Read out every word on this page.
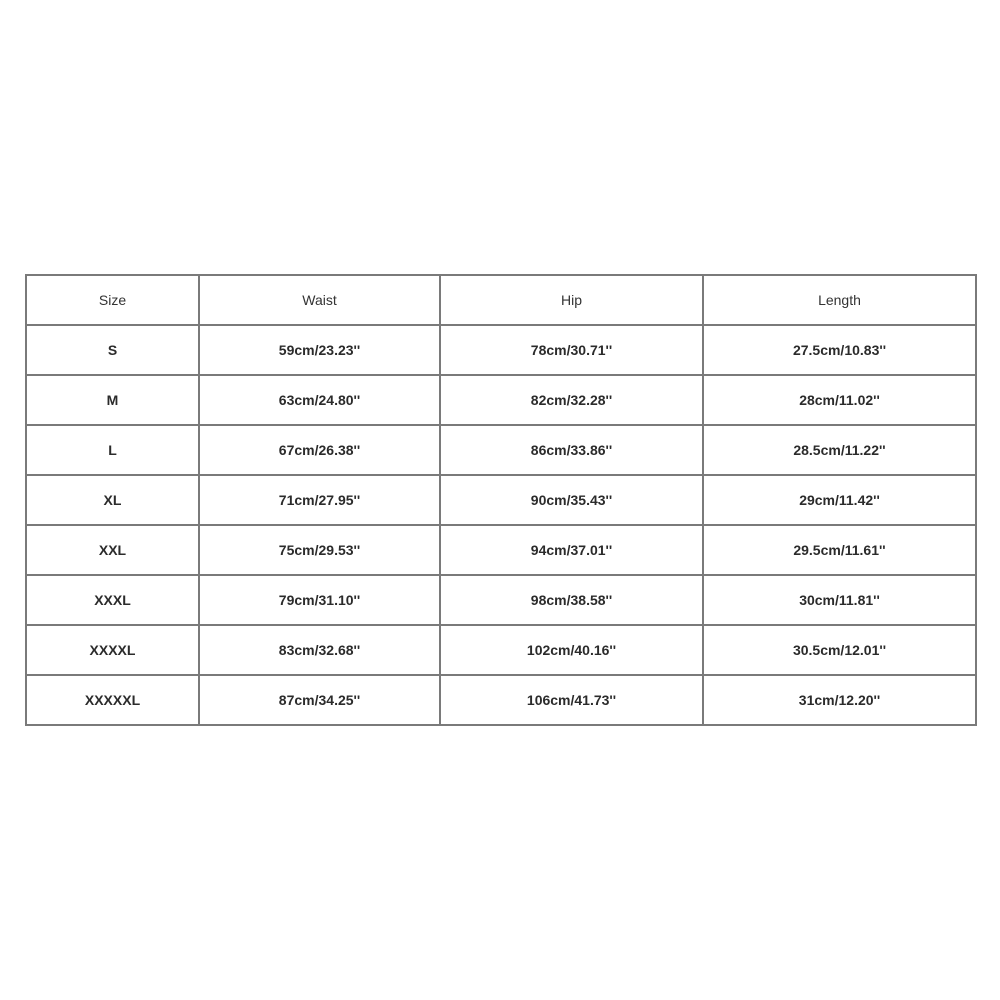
Size	Waist	Hip	Length
S	59cm/23.23''	78cm/30.71''	27.5cm/10.83''
M	63cm/24.80''	82cm/32.28''	28cm/11.02''
L	67cm/26.38''	86cm/33.86''	28.5cm/11.22''
XL	71cm/27.95''	90cm/35.43''	29cm/11.42''
XXL	75cm/29.53''	94cm/37.01''	29.5cm/11.61''
XXXL	79cm/31.10''	98cm/38.58''	30cm/11.81''
XXXXL	83cm/32.68''	102cm/40.16''	30.5cm/12.01''
XXXXXL	87cm/34.25''	106cm/41.73''	31cm/12.20''
